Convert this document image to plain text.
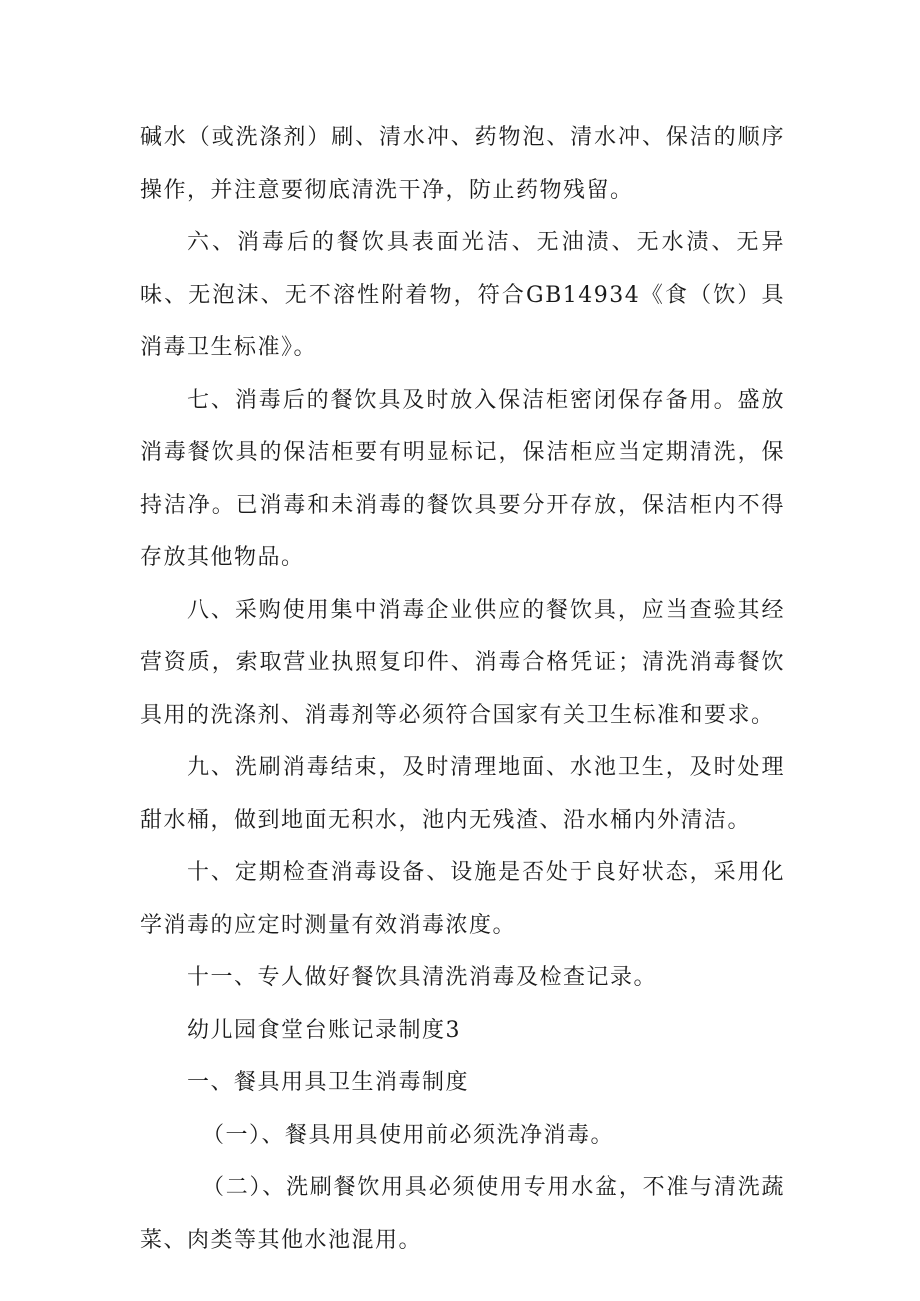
碱水（或洗涤剂）刷、清水冲、药物泡、清水冲、保洁的顺序操作，并注意要彻底清洗干净，防止药物残留。

六、消毒后的餐饮具表面光洁、无油渍、无水渍、无异味、无泡沫、无不溶性附着物，符合GB14934《食（饮）具消毒卫生标准》。

七、消毒后的餐饮具及时放入保洁柜密闭保存备用。盛放消毒餐饮具的保洁柜要有明显标记，保洁柜应当定期清洗，保持洁净。已消毒和未消毒的餐饮具要分开存放，保洁柜内不得存放其他物品。

八、采购使用集中消毒企业供应的餐饮具，应当查验其经营资质，索取营业执照复印件、消毒合格凭证；清洗消毒餐饮具用的洗涤剂、消毒剂等必须符合国家有关卫生标准和要求。

九、洗刷消毒结束，及时清理地面、水池卫生，及时处理甜水桶，做到地面无积水，池内无残渣、沿水桶内外清洁。

十、定期检查消毒设备、设施是否处于良好状态，采用化学消毒的应定时测量有效消毒浓度。

十一、专人做好餐饮具清洗消毒及检查记录。

幼儿园食堂台账记录制度3

一、餐具用具卫生消毒制度

（一）、餐具用具使用前必须洗净消毒。

（二）、洗刷餐饮用具必须使用专用水盆，不准与清洗蔬菜、肉类等其他水池混用。
